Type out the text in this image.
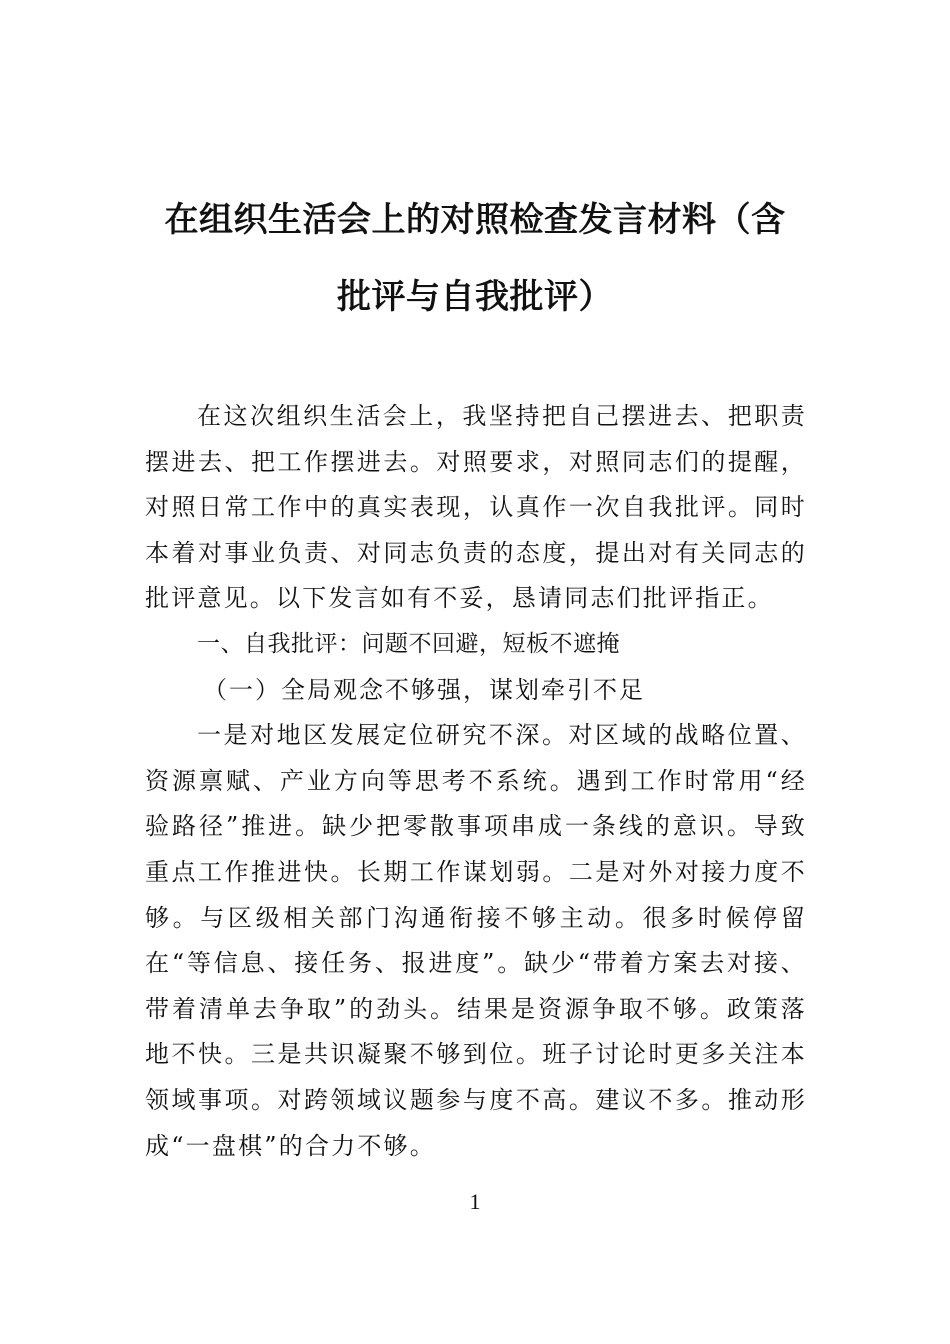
在组织生活会上的对照检查发言材料（含
批评与自我批评）

在这次组织生活会上，我坚持把自己摆进去、把职责摆进去、把工作摆进去。对照要求，对照同志们的提醒，对照日常工作中的真实表现，认真作一次自我批评。同时本着对事业负责、对同志负责的态度，提出对有关同志的批评意见。以下发言如有不妥，恳请同志们批评指正。

一、自我批评：问题不回避，短板不遮掩

（一）全局观念不够强，谋划牵引不足

一是对地区发展定位研究不深。对区域的战略位置、资源禀赋、产业方向等思考不系统。遇到工作时常用“经验路径”推进。缺少把零散事项串成一条线的意识。导致重点工作推进快。长期工作谋划弱。二是对外对接力度不够。与区级相关部门沟通衔接不够主动。很多时候停留在“等信息、接任务、报进度”。缺少“带着方案去对接、带着清单去争取”的劲头。结果是资源争取不够。政策落地不快。三是共识凝聚不够到位。班子讨论时更多关注本领域事项。对跨领域议题参与度不高。建议不多。推动形成“一盘棋”的合力不够。

1
